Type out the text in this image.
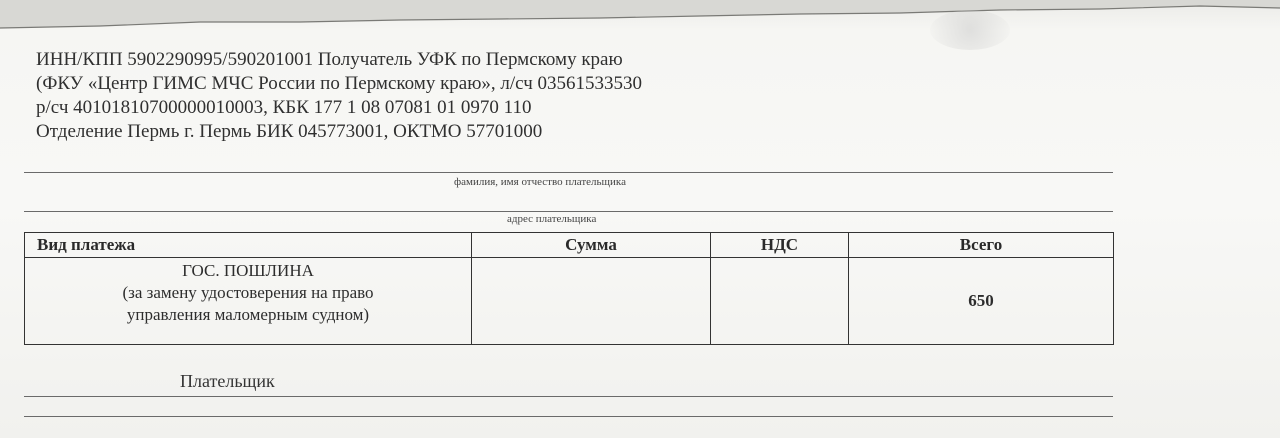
ИНН/КПП 5902290995/590201001 Получатель УФК по Пермскому краю
(ФКУ «Центр ГИМС МЧС России по Пермскому краю», л/сч 03561533530
р/сч 40101810700000010003, КБК 177 1 08 07081 01 0970 110
Отделение Пермь г. Пермь БИК 045773001, ОКТМО 57701000
фамилия, имя отчество плательщика
адрес плательщика
Вид платежа	Сумма	НДС	Всего

ГОС. ПОШЛИНА
(за замену удостоверения на право
управления маломерным судном)			650
Плательщик
